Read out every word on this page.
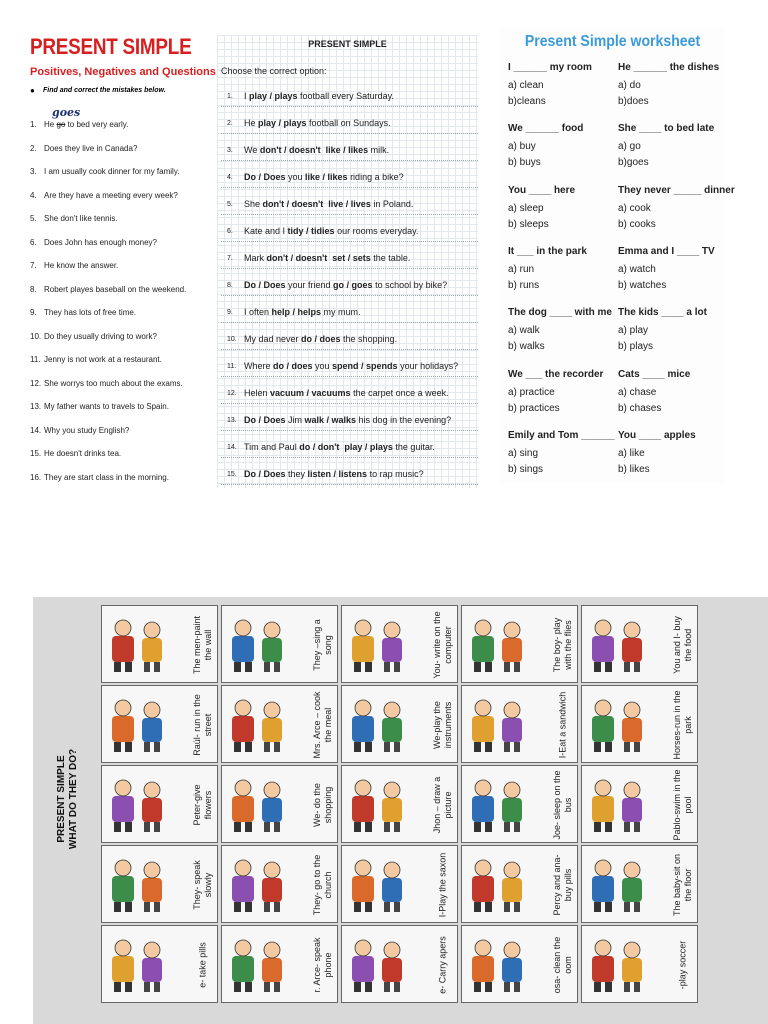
PRESENT SIMPLE
Positives, Negatives and Questions
● Find and correct the mistakes below.
goes
1. He go to bed very early.
2. Does they live in Canada?
3. I am usually cook dinner for my family.
4. Are they have a meeting every week?
5. She don't like tennis.
6. Does John has enough money?
7. He know the answer.
8. Robert playes baseball on the weekend.
9. They has lots of free time.
10. Do they usually driving to work?
11. Jenny is not work at a restaurant.
12. She worrys too much about the exams.
13. My father wants to travels to Spain.
14. Why you study English?
15. He doesn't drinks tea.
16. They are start class in the morning.
PRESENT SIMPLE
Choose the correct option:
1. I play / plays football every Saturday.
2. He play / plays football on Sundays.
3. We don't / doesn't  like / likes milk.
4. Do / Does you like / likes riding a bike?
5. She don't / doesn't  live / lives in Poland.
6. Kate and I tidy / tidies our rooms everyday.
7. Mark don't / doesn't  set / sets the table.
8. Do / Does your friend go / goes to school by bike?
9. I often help / helps my mum.
10. My dad never do / does the shopping.
11. Where do / does you spend / spends your holidays?
12. Helen vacuum / vacuums the carpet once a week.
13. Do / Does Jim walk / walks his dog in the evening?
14. Tim and Paul do / don't  play / plays the guitar.
15. Do / Does they listen / listens to rap music?
Present Simple worksheet
I ______ my room
a) clean
b)cleans
We ______ food
a) buy
b) buys
You ____ here
a) sleep
b) sleeps
It ___ in the park
a) run
b) runs
The dog ____ with me
a) walk
b) walks
We ___ the recorder
a) practice
b) practices
Emily and Tom ______
a) sing
b) sings
He ______ the dishes
a) do
b)does
She ____ to bed late
a) go
b)goes
They never _____ dinner
a) cook
b) cooks
Emma and I ____ TV
a) watch
b) watches
The kids ____ a lot
a) play
b) plays
Cats ____ mice
a) chase
b) chases
You ____ apples
a) like
b) likes
PRESENT SIMPLE WHAT DO THEY DO?
The men-paint the wall	They –sing a song	You- write on the computer	The boy- play with the flies	You and I- buy the food
Raúl- run in the street	Mrs. Arce – cook the meal	We-play the instruments	I-Eat a sandwich	Horses-run in the park
Peter-give flowers	We- do the shopping	Jhon – draw a picture	Joe- sleep on the bus	Pablo-swim in the pool
They- speak slowly	They- go to the church	I-Play the saxon	Percy and ana- buy pills	The baby-sit on the floor
e- take pills	r. Arce- speak phone	e- Carry apers	osa- clean the oom	-play soccer
